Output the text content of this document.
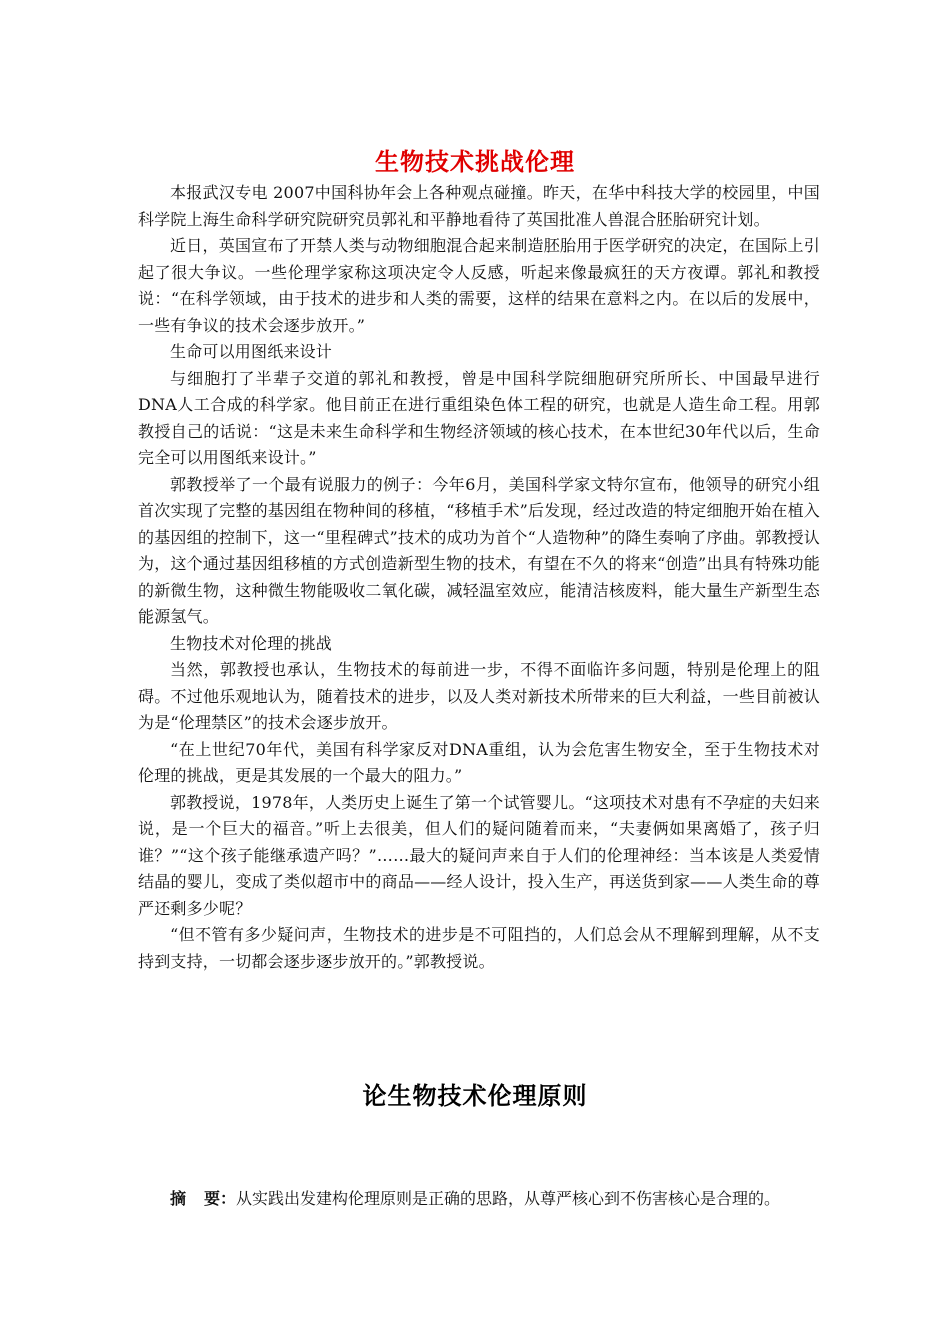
生物技术挑战伦理

本报武汉专电 2007中国科协年会上各种观点碰撞。昨天，在华中科技大学的校园里，中国科学院上海生命科学研究院研究员郭礼和平静地看待了英国批准人兽混合胚胎研究计划。

近日，英国宣布了开禁人类与动物细胞混合起来制造胚胎用于医学研究的决定，在国际上引起了很大争议。一些伦理学家称这项决定令人反感，听起来像最疯狂的天方夜谭。郭礼和教授说：“在科学领域，由于技术的进步和人类的需要，这样的结果在意料之内。在以后的发展中，一些有争议的技术会逐步放开。”

生命可以用图纸来设计

与细胞打了半辈子交道的郭礼和教授，曾是中国科学院细胞研究所所长、中国最早进行DNA人工合成的科学家。他目前正在进行重组染色体工程的研究，也就是人造生命工程。用郭教授自己的话说：“这是未来生命科学和生物经济领域的核心技术，在本世纪30年代以后，生命完全可以用图纸来设计。”

郭教授举了一个最有说服力的例子：今年6月，美国科学家文特尔宣布，他领导的研究小组首次实现了完整的基因组在物种间的移植，“移植手术”后发现，经过改造的特定细胞开始在植入的基因组的控制下，这一“里程碑式”技术的成功为首个“人造物种”的降生奏响了序曲。郭教授认为，这个通过基因组移植的方式创造新型生物的技术，有望在不久的将来“创造”出具有特殊功能的新微生物，这种微生物能吸收二氧化碳，减轻温室效应，能清洁核废料，能大量生产新型生态能源氢气。

生物技术对伦理的挑战

当然，郭教授也承认，生物技术的每前进一步，不得不面临许多问题，特别是伦理上的阻碍。不过他乐观地认为，随着技术的进步，以及人类对新技术所带来的巨大利益，一些目前被认为是“伦理禁区”的技术会逐步放开。

“在上世纪70年代，美国有科学家反对DNA重组，认为会危害生物安全，至于生物技术对伦理的挑战，更是其发展的一个最大的阻力。”

郭教授说，1978年，人类历史上诞生了第一个试管婴儿。“这项技术对患有不孕症的夫妇来说，是一个巨大的福音。”听上去很美，但人们的疑问随着而来，“夫妻俩如果离婚了，孩子归谁？”“这个孩子能继承遗产吗？”……最大的疑问声来自于人们的伦理神经：当本该是人类爱情结晶的婴儿，变成了类似超市中的商品——经人设计，投入生产，再送货到家——人类生命的尊严还剩多少呢？

“但不管有多少疑问声，生物技术的进步是不可阻挡的，人们总会从不理解到理解，从不支持到支持，一切都会逐步逐步放开的。”郭教授说。

论生物技术伦理原则
摘 要：从实践出发建构伦理原则是正确的思路，从尊严核心到不伤害核心是合理的。
